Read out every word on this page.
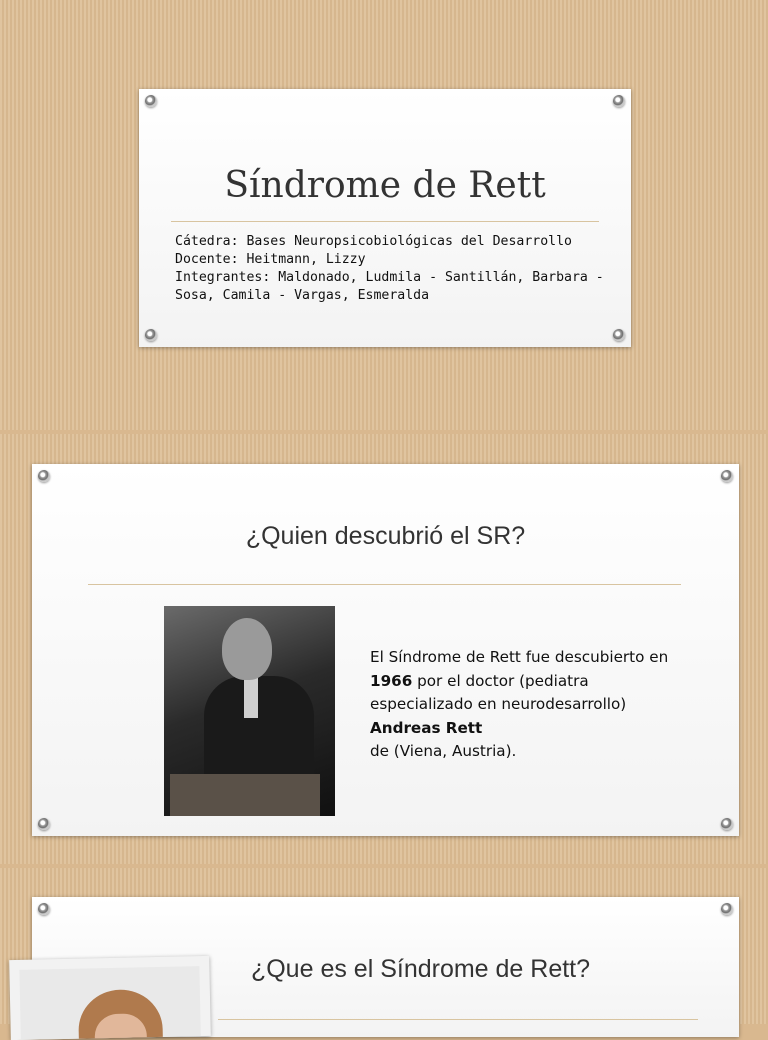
Síndrome de Rett
Cátedra: Bases Neuropsicobiológicas del Desarrollo
Docente: Heitmann, Lizzy
Integrantes: Maldonado, Ludmila - Santillán, Barbara -
Sosa, Camila - Vargas, Esmeralda
¿Quien descubrió el SR?
El Síndrome de Rett fue descubierto en 1966 por el doctor (pediatra especializado en neurodesarrollo) Andreas Rett
de (Viena, Austria).
¿Que es el Síndrome de Rett?
